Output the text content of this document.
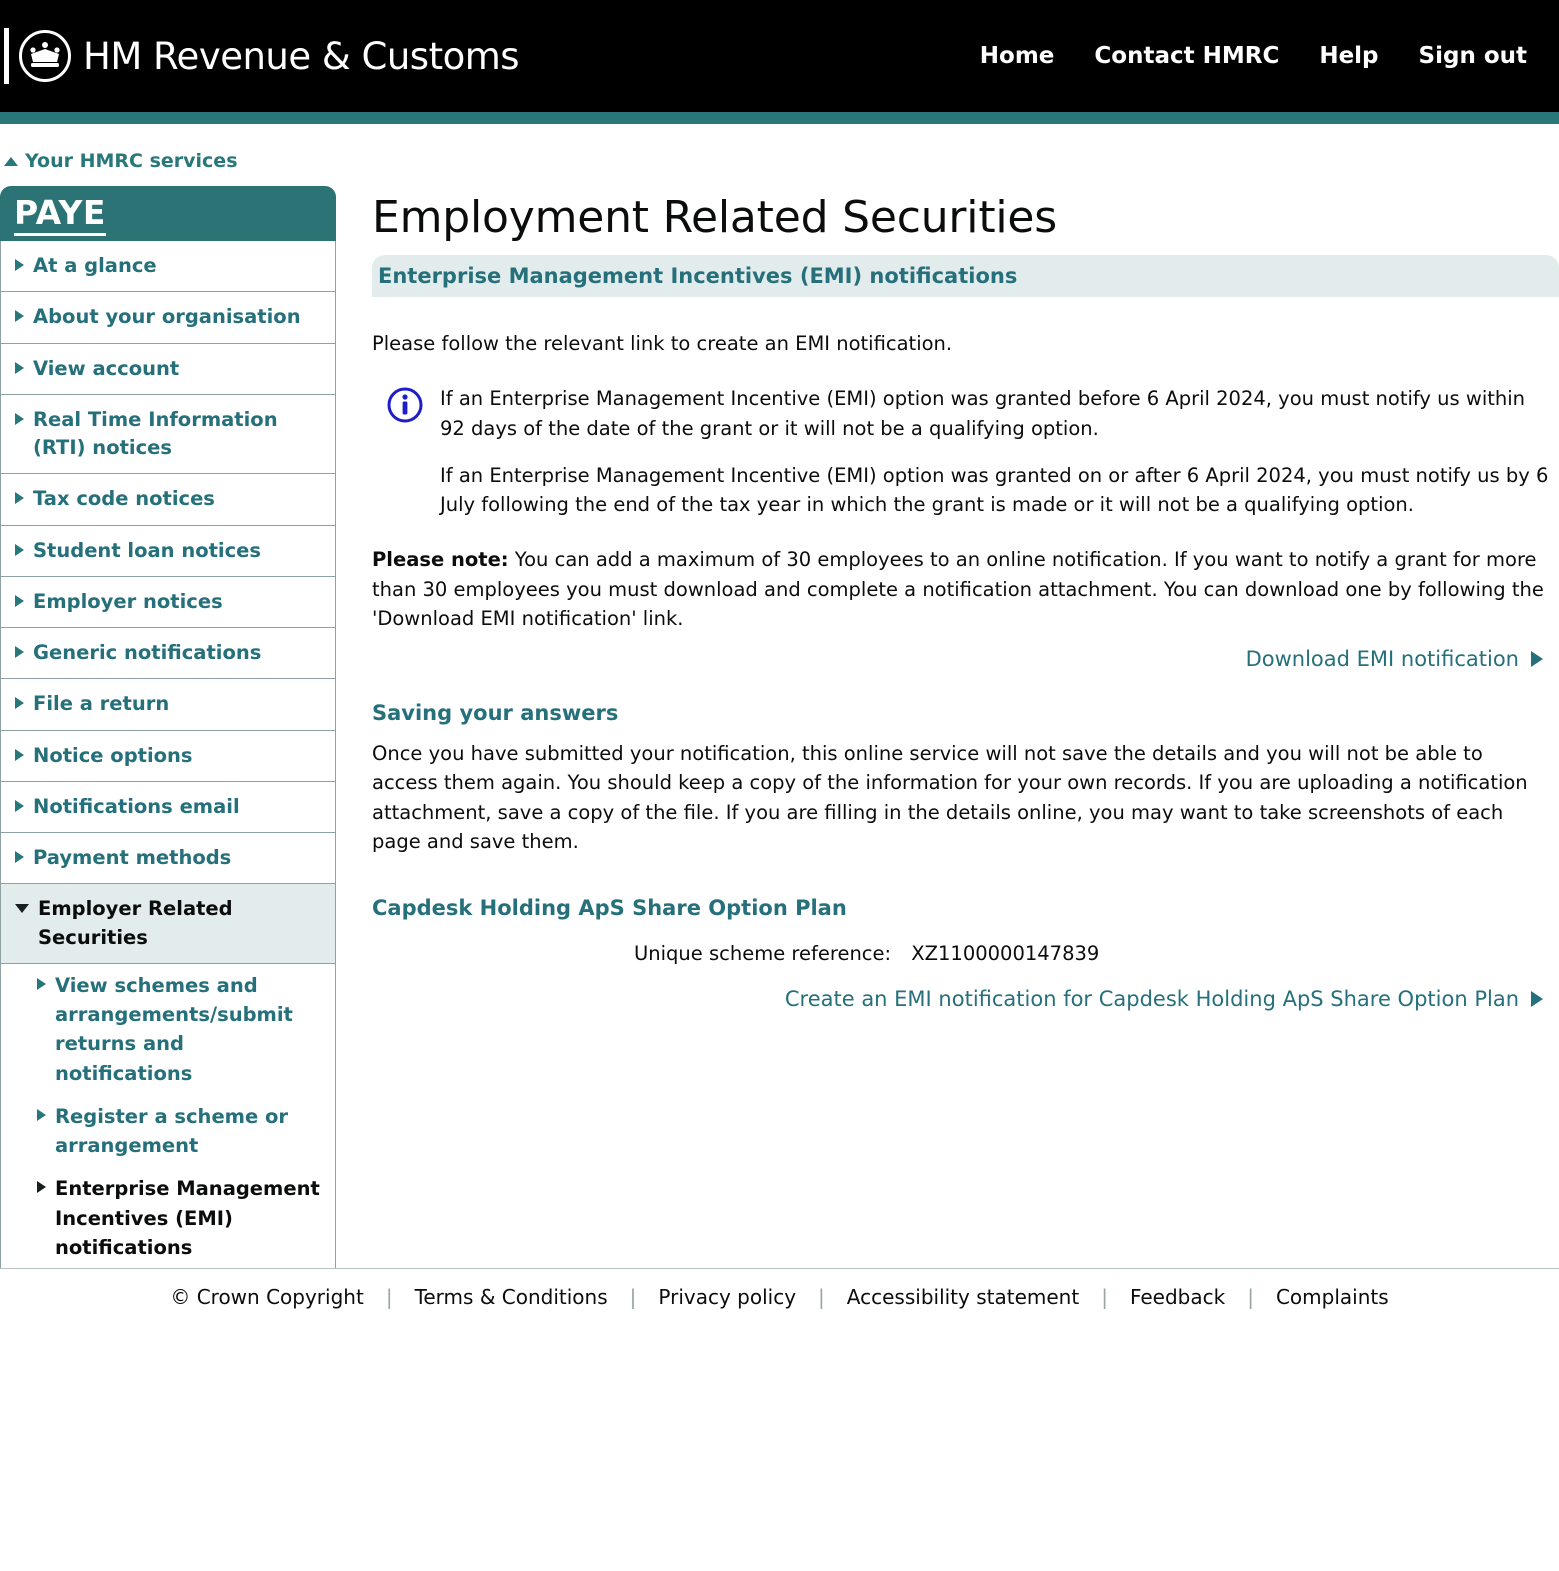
HM Revenue & Customs	Home Contact HMRC Help Sign out
Your HMRC services
PAYE
At a glance
About your organisation
View account
Real Time Information (RTI) notices
Tax code notices
Student loan notices
Employer notices
Generic notifications
File a return
Notice options
Notifications email
Payment methods
Employer Related Securities
View schemes and arrangements/submit returns and notifications
Register a scheme or arrangement
Enterprise Management Incentives (EMI) notifications
Employment Related Securities
Enterprise Management Incentives (EMI) notifications

Please follow the relevant link to create an EMI notification.

If an Enterprise Management Incentive (EMI) option was granted before 6 April 2024, you must notify us within 92 days of the date of the grant or it will not be a qualifying option.

If an Enterprise Management Incentive (EMI) option was granted on or after 6 April 2024, you must notify us by 6 July following the end of the tax year in which the grant is made or it will not be a qualifying option.

Please note: You can add a maximum of 30 employees to an online notification. If you want to notify a grant for more than 30 employees you must download and complete a notification attachment. You can download one by following the 'Download EMI notification' link.

Download EMI notification
Saving your answers

Once you have submitted your notification, this online service will not save the details and you will not be able to access them again. You should keep a copy of the information for your own records. If you are uploading a notification attachment, save a copy of the file. If you are filling in the details online, you may want to take screenshots of each page and save them.

Capdesk Holding ApS Share Option Plan
Unique scheme reference: XZ1100000147839
Create an EMI notification for Capdesk Holding ApS Share Option Plan
© Crown Copyright	|	Terms & Conditions	|	Privacy policy	|	Accessibility statement	|	Feedback	|	Complaints
